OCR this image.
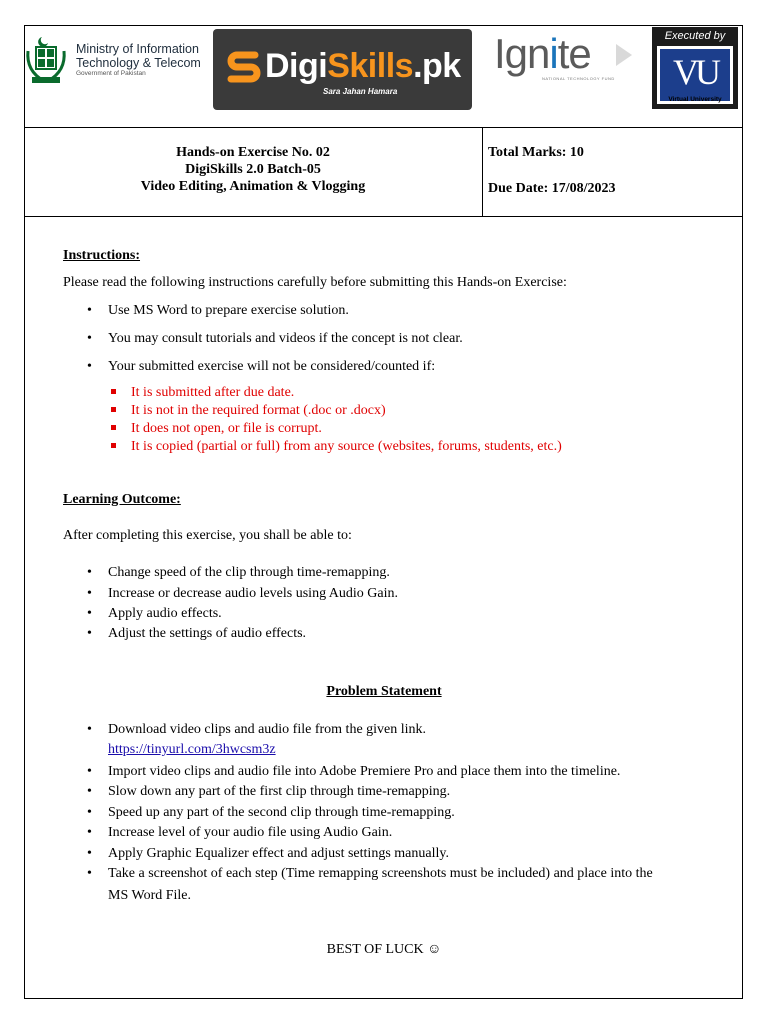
Ministry of Information
Technology & Telecom
Government of Pakistan	DigiSkills.pk
Sara Jahan Hamara
Ignite
NATIONAL TECHNOLOGY FUND
Executed by
VU
Virtual University
Hands-on Exercise No. 02
DigiSkills 2.0 Batch-05
Video Editing, Animation & Vlogging
Total Marks: 10
Due Date: 17/08/2023
Instructions:
Please read the following instructions carefully before submitting this Hands-on Exercise:
• Use MS Word to prepare exercise solution.
• You may consult tutorials and videos if the concept is not clear.
• Your submitted exercise will not be considered/counted if:
It is submitted after due date.
It is not in the required format (.doc or .docx)
It does not open, or file is corrupt.
It is copied (partial or full) from any source (websites, forums, students, etc.)
Learning Outcome:
After completing this exercise, you shall be able to:
• Change speed of the clip through time-remapping.
• Increase or decrease audio levels using Audio Gain.
• Apply audio effects.
• Adjust the settings of audio effects.
Problem Statement
• Download video clips and audio file from the given link.
https://tinyurl.com/3hwcsm3z
• Import video clips and audio file into Adobe Premiere Pro and place them into the timeline.
• Slow down any part of the first clip through time-remapping.
• Speed up any part of the second clip through time-remapping.
• Increase level of your audio file using Audio Gain.
• Apply Graphic Equalizer effect and adjust settings manually.
• Take a screenshot of each step (Time remapping screenshots must be included) and place into the
MS Word File.
BEST OF LUCK ☺
